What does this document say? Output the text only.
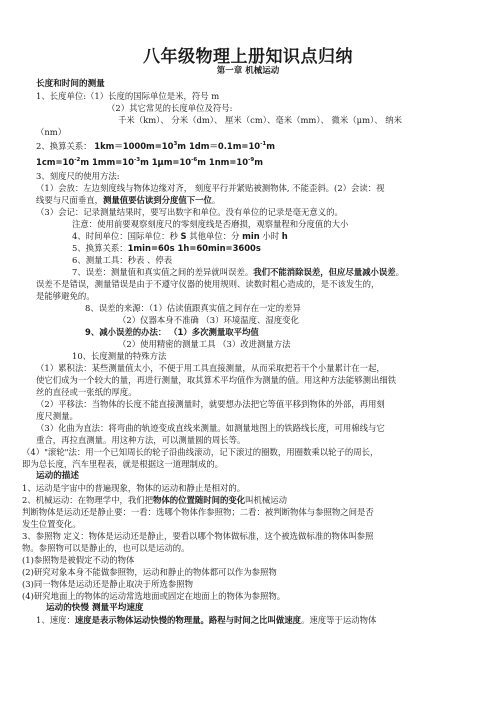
八年级物理上册知识点归纳
第一章 机械运动
长度和时间的测量
1、长度单位:（1）长度的国际单位是米，符号 m
（2）其它常见的长度单位及符号:
千米（km）、 分米（dm）、 厘米（cm）、毫米（mm）、 微米（μm）、 纳米
（nm）
2、换算关系： $1km=1000m=10^3m$ $1dm=0.1m=10^{-1}m$
$1cm=10^{-2}m$ $1mm=10^{-3}m$ $1\mu m=10^{-6}m$ $1nm=10^{-9}m$
3、刻度尺的使用方法:
（1）会放：左边刻度线与物体边缘对齐， 刻度平行并紧贴被测物体, 不能歪斜。(2）会读：视
线要与尺面垂直，测量值要估读到分度值下一位。
（3）会记：记录测量结果时，要写出数字和单位。没有单位的记录是毫无意义的。
注意：使用前要观察刻度尺的零刻度线是否磨损，观察量程和分度值的大小
4、时间单位：国际单位：秒 S 其他单位：分 min 小时 h
5、换算关系：1min=60s 1h=60min=3600s
6、测量工具：秒表 、停表
7、误差：测量值和真实值之间的差异就叫误差。我们不能消除误差，但应尽量减小误差。
误差不是错误，测量错误是由于不遵守仪器的使用规则、读数时粗心造成的，是不该发生的，
是能够避免的。
8、误差的来源：（1）估读值跟真实值之间存在一定的差异
（2）仪器本身不准确 （3）环境温度、湿度变化
9、减小误差的办法： （1）多次测量取平均值
（2）使用精密的测量工具 （3）改进测量方法
10、长度测量的特殊方法
（1）累积法：某些测量值太小，不便于用工具直接测量，从而采取把若干个小量累计在一起，
使它们成为一个较大的量，再进行测量，取其算术平均值作为测量的值。用这种方法能够测出细铁
丝的直径或一张纸的厚度。
（2）平移法：当物体的长度不能直接测量时，就要想办法把它等值平移到物体的外部，再用刻
度尺测量。
（3）化曲为直法：将弯曲的轨迹变成直线来测量。如测量地图上的铁路线长度，可用棉线与它
重合，再拉直测量。用这种方法，可以测量圆的周长等。
（4）"滚轮"法：用一个已知周长的轮子沿曲线滚动，记下滚过的圈数，用圈数乘以轮子的周长，
即为总长度，汽车里程表，就是根据这一道理制成的。
运动的描述
1、运动是宇宙中的普遍现象，物体的运动和静止是相对的。
2、机械运动：在物理学中，我们把物体的位置随时间的变化叫机械运动
判断物体是运动还是静止要：一看：选哪个物体作参照物；二看：被判断物体与参照物之间是否
发生位置变化。
3、参照物 定义：物体是运动还是静止，要看以哪个物体做标准，这个被选做标准的物体叫参照
物。参照物可以是静止的，也可以是运动的。
(1)参照物是被假定不动的物体
(2)研究对象本身不能做参照物，运动和静止的物体都可以作为参照物
(3)同一物体是运动还是静止取决于所选参照物
(4)研究地面上的物体的运动常选地面或固定在地面上的物体为参照物。
运动的快慢 测量平均速度
1、速度：速度是表示物体运动快慢的物理量。路程与时间之比叫做速度。速度等于运动物体
